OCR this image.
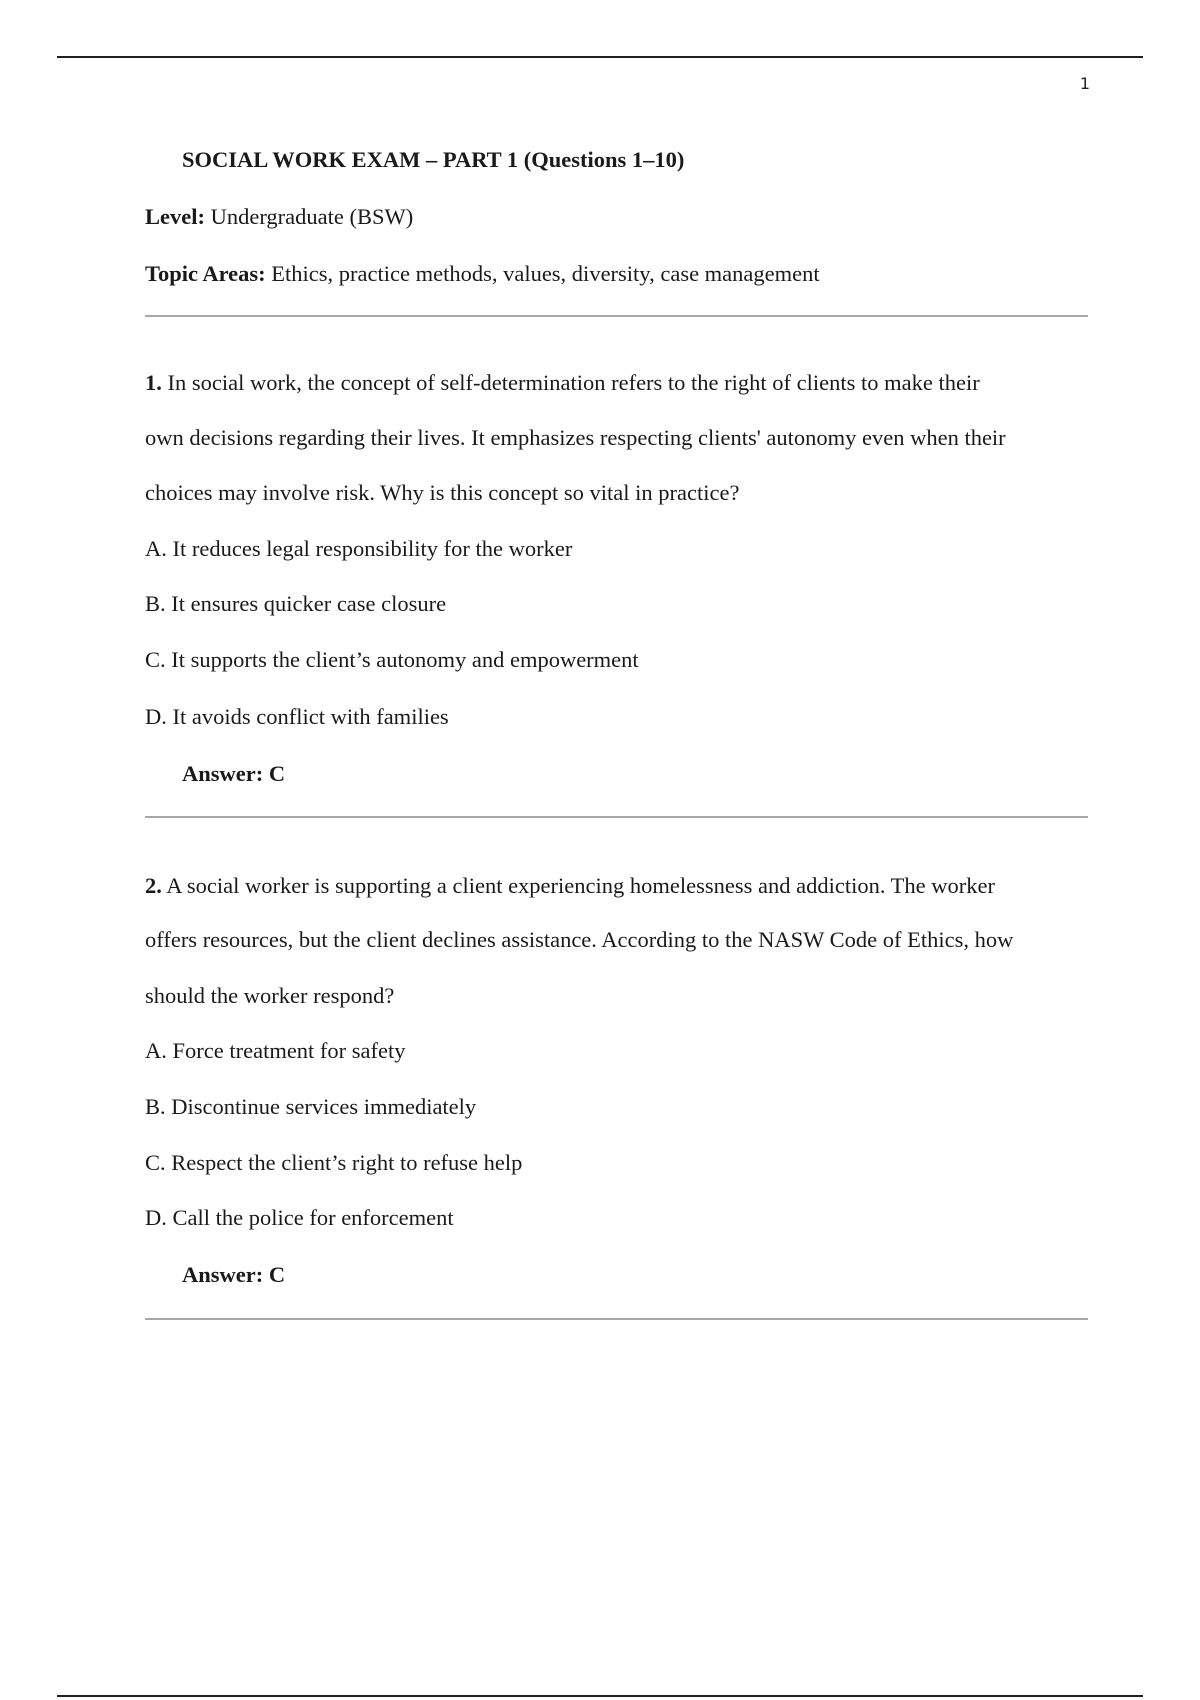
1
SOCIAL WORK EXAM – PART 1 (Questions 1–10)
Level: Undergraduate (BSW)
Topic Areas: Ethics, practice methods, values, diversity, case management
1. In social work, the concept of self-determination refers to the right of clients to make their
own decisions regarding their lives. It emphasizes respecting clients' autonomy even when their
choices may involve risk. Why is this concept so vital in practice?
A. It reduces legal responsibility for the worker
B. It ensures quicker case closure
C. It supports the client’s autonomy and empowerment
D. It avoids conflict with families
Answer: C
2. A social worker is supporting a client experiencing homelessness and addiction. The worker
offers resources, but the client declines assistance. According to the NASW Code of Ethics, how
should the worker respond?
A. Force treatment for safety
B. Discontinue services immediately
C. Respect the client’s right to refuse help
D. Call the police for enforcement
Answer: C
